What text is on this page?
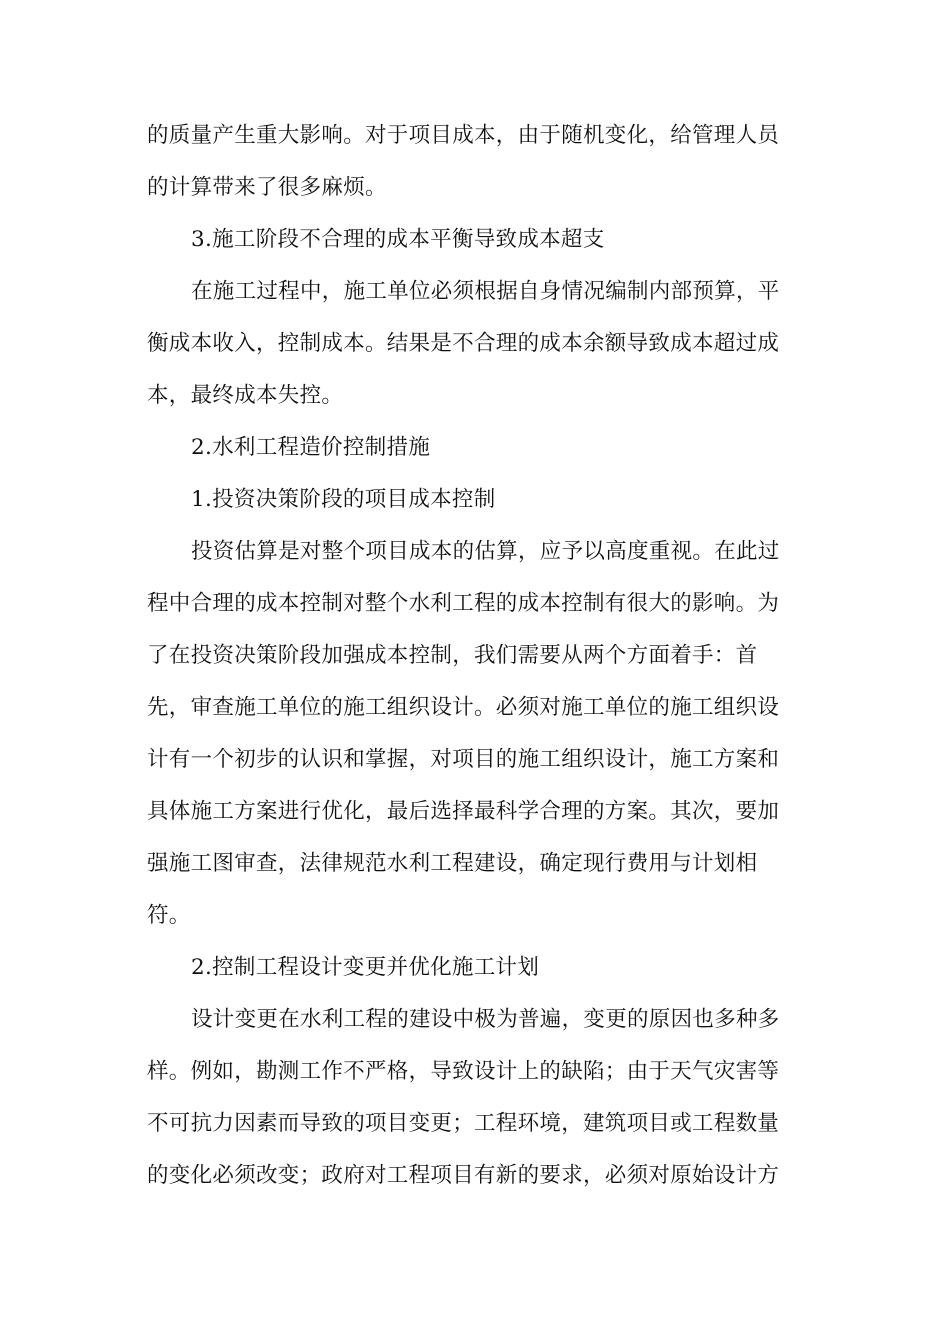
的质量产生重大影响。对于项目成本，由于随机变化，给管理人员
的计算带来了很多麻烦。
3.施工阶段不合理的成本平衡导致成本超支
在施工过程中，施工单位必须根据自身情况编制内部预算，平
衡成本收入，控制成本。结果是不合理的成本余额导致成本超过成
本，最终成本失控。
2.水利工程造价控制措施
1.投资决策阶段的项目成本控制
投资估算是对整个项目成本的估算，应予以高度重视。在此过
程中合理的成本控制对整个水利工程的成本控制有很大的影响。为
了在投资决策阶段加强成本控制，我们需要从两个方面着手：首
先，审查施工单位的施工组织设计。必须对施工单位的施工组织设
计有一个初步的认识和掌握，对项目的施工组织设计，施工方案和
具体施工方案进行优化，最后选择最科学合理的方案。其次，要加
强施工图审查，法律规范水利工程建设，确定现行费用与计划相
符。
2.控制工程设计变更并优化施工计划
设计变更在水利工程的建设中极为普遍，变更的原因也多种多
样。例如，勘测工作不严格，导致设计上的缺陷；由于天气灾害等
不可抗力因素而导致的项目变更；工程环境，建筑项目或工程数量
的变化必须改变；政府对工程项目有新的要求，必须对原始设计方
